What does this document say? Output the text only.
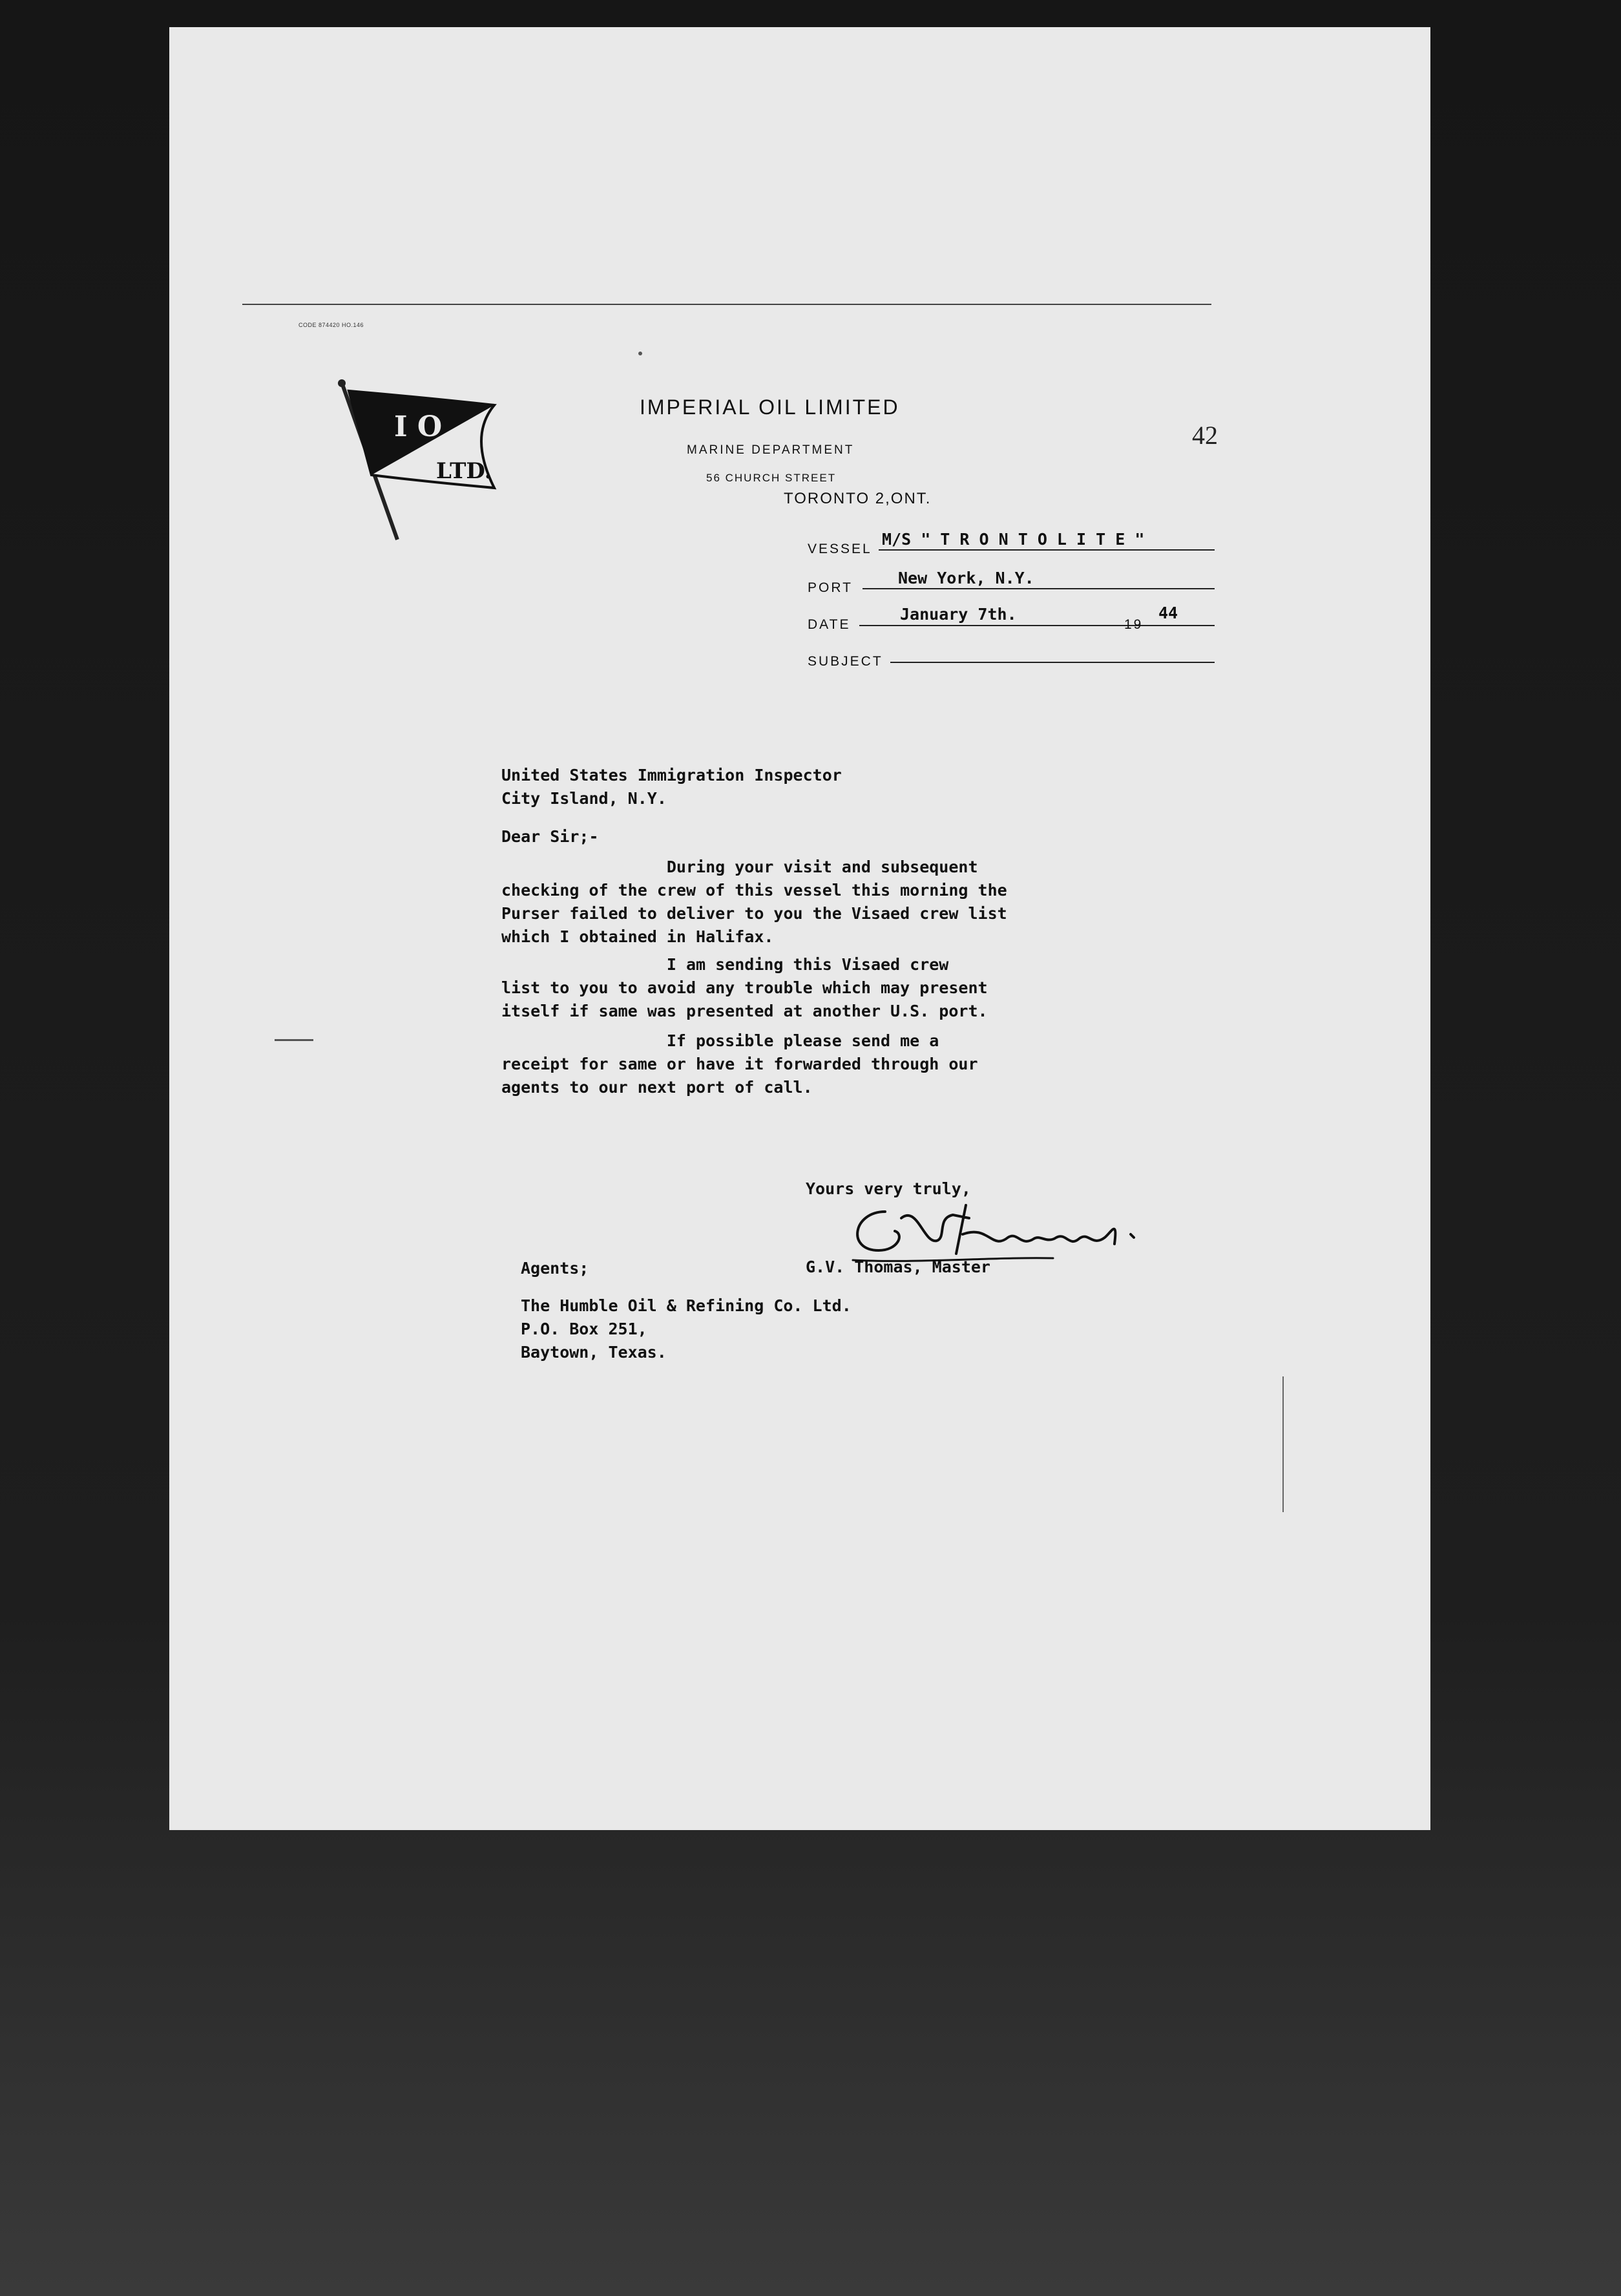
CODE 874420 HO.146
I O
LTD.
IMPERIAL OIL LIMITED
MARINE DEPARTMENT
56 CHURCH STREET
TORONTO 2,ONT.
42
VESSEL
M/S " T R O N T O L I T E "
PORT
New York, N.Y.
DATE
January 7th.
19
44
SUBJECT
United States Immigration Inspector
City Island, N.Y.
Dear Sir;-
During your visit and subsequent
checking of the crew of this vessel this morning the
Purser failed to deliver to you the Visaed crew list
which I obtained in Halifax.
I am sending this Visaed crew
list to you to avoid any trouble which may present
itself if same was presented at another U.S. port.
If possible please send me a
receipt for same or have it forwarded through our
agents to our next port of call.
Yours very truly,
G.V. Thomas, Master
Agents;
The Humble Oil & Refining Co. Ltd.
P.O. Box 251,
Baytown, Texas.
